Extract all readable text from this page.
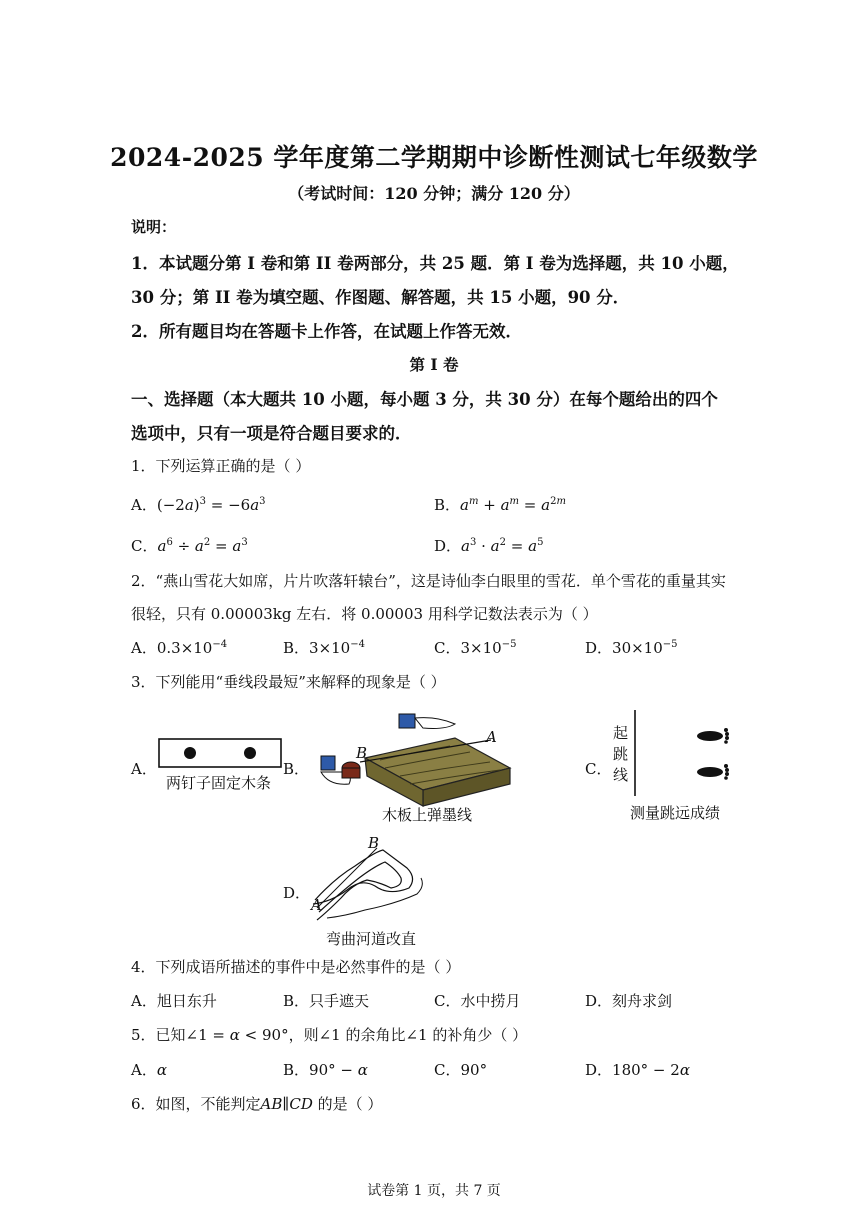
2024-2025 学年度第二学期期中诊断性测试七年级数学
（考试时间：120 分钟；满分 120 分）
说明：
1．本试题分第 I 卷和第 II 卷两部分，共 25 题．第 I 卷为选择题，共 10 小题，
30 分；第 II 卷为填空题、作图题、解答题，共 15 小题，90 分．
2．所有题目均在答题卡上作答，在试题上作答无效．
第 I 卷
一、选择题（本大题共 10 小题，每小题 3 分，共 30 分）在每个题给出的四个
选项中，只有一项是符合题目要求的．
1．下列运算正确的是（ ）
A．$(-2a)^3 = -6a^3$	B．$a^m + a^m = a^{2m}$
C．$a^6 \div a^2 = a^3$	D．$a^3 \cdot a^2 = a^5$
2．“燕山雪花大如席，片片吹落轩辕台”，这是诗仙李白眼里的雪花．单个雪花的重量其实
很轻，只有 0.00003kg 左右．将 0.00003 用科学记数法表示为（ ）
A．$0.3\times 10^{-4}$	B．$3\times 10^{-4}$	C．$3\times 10^{-5}$	D．$30\times 10^{-5}$
3．下列能用“垂线段最短”来解释的现象是（ ）
A．
两钉子固定木条
B．
B
A
木板上弹墨线
C．
起
跳
线
测量跳远成绩
D．
B
A
弯曲河道改直
4．下列成语所描述的事件中是必然事件的是（ ）
A．旭日东升	B．只手遮天	C．水中捞月	D．刻舟求剑
5．已知∠1 = α < 90°，则∠1 的余角比∠1 的补角少（ ）
A．α	B．90° − α	C．90°	D．180° − 2α
6．如图，不能判定AB∥CD 的是（ ）
试卷第 1 页，共 7 页
